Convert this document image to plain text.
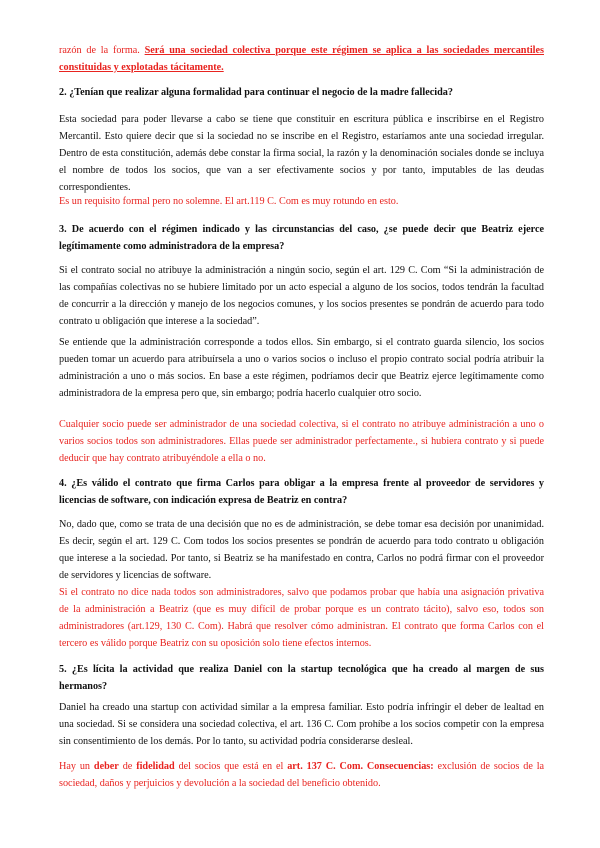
razón de la forma. Será una sociedad colectiva porque este régimen se aplica a las sociedades mercantiles constituidas y explotadas tácitamente.

2. ¿Tenían que realizar alguna formalidad para continuar el negocio de la madre fallecida?

Esta sociedad para poder llevarse a cabo se tiene que constituir en escritura pública e inscribirse en el Registro Mercantil. Esto quiere decir que si la sociedad no se inscribe en el Registro, estaríamos ante una sociedad irregular. Dentro de esta constitución, además debe constar la firma social, la razón y la denominación sociales donde se incluya el nombre de todos los socios, que van a ser efectivamente socios y por tanto, imputables de las deudas correspondientes.

Es un requisito formal pero no solemne. El art.119 C. Com es muy rotundo en esto.

3. De acuerdo con el régimen indicado y las circunstancias del caso, ¿se puede decir que Beatriz ejerce legítimamente como administradora de la empresa?

Si el contrato social no atribuye la administración a ningún socio, según el art. 129 C. Com “Si la administración de las compañías colectivas no se hubiere limitado por un acto especial a alguno de los socios, todos tendrán la facultad de concurrir a la dirección y manejo de los negocios comunes, y los socios presentes se pondrán de acuerdo para todo contrato u obligación que interese a la sociedad”.

Se entiende que la administración corresponde a todos ellos. Sin embargo, si el contrato guarda silencio, los socios pueden tomar un acuerdo para atribuírsela a uno o varios socios o incluso el propio contrato social podría atribuir la administración a uno o más socios. En base a este régimen, podríamos decir que Beatriz ejerce legítimamente como administradora de la empresa pero que, sin embargo; podría hacerlo cualquier otro socio.

Cualquier socio puede ser administrador de una sociedad colectiva, si el contrato no atribuye administración a uno o varios socios todos son administradores. Ellas puede ser administrador perfectamente., si hubiera contrato y si puede deducir que hay contrato atribuyéndole a ella o no.

4. ¿Es válido el contrato que firma Carlos para obligar a la empresa frente al proveedor de servidores y licencias de software, con indicación expresa de Beatriz en contra?

No, dado que, como se trata de una decisión que no es de administración, se debe tomar esa decisión por unanimidad. Es decir, según el art. 129 C. Com todos los socios presentes se pondrán de acuerdo para todo contrato u obligación que interese a la sociedad. Por tanto, si Beatriz se ha manifestado en contra, Carlos no podrá firmar con el proveedor de servidores y licencias de software.

Si el contrato no dice nada todos son administradores, salvo que podamos probar que había una asignación privativa de la administración a Beatriz (que es muy difícil de probar porque es un contrato tácito), salvo eso, todos son administradores (art.129, 130 C. Com). Habrá que resolver cómo administran. El contrato que forma Carlos con el tercero es válido porque Beatriz con su oposición solo tiene efectos internos.

5. ¿Es lícita la actividad que realiza Daniel con la startup tecnológica que ha creado al margen de sus hermanos?

Daniel ha creado una startup con actividad similar a la empresa familiar. Esto podría infringir el deber de lealtad en una sociedad. Si se considera una sociedad colectiva, el art. 136 C. Com prohíbe a los socios competir con la empresa sin consentimiento de los demás. Por lo tanto, su actividad podría considerarse desleal.

Hay un deber de fidelidad del socios que está en el art. 137 C. Com. Consecuencias: exclusión de socios de la sociedad, daños y perjuicios y devolución a la sociedad del beneficio obtenido.
